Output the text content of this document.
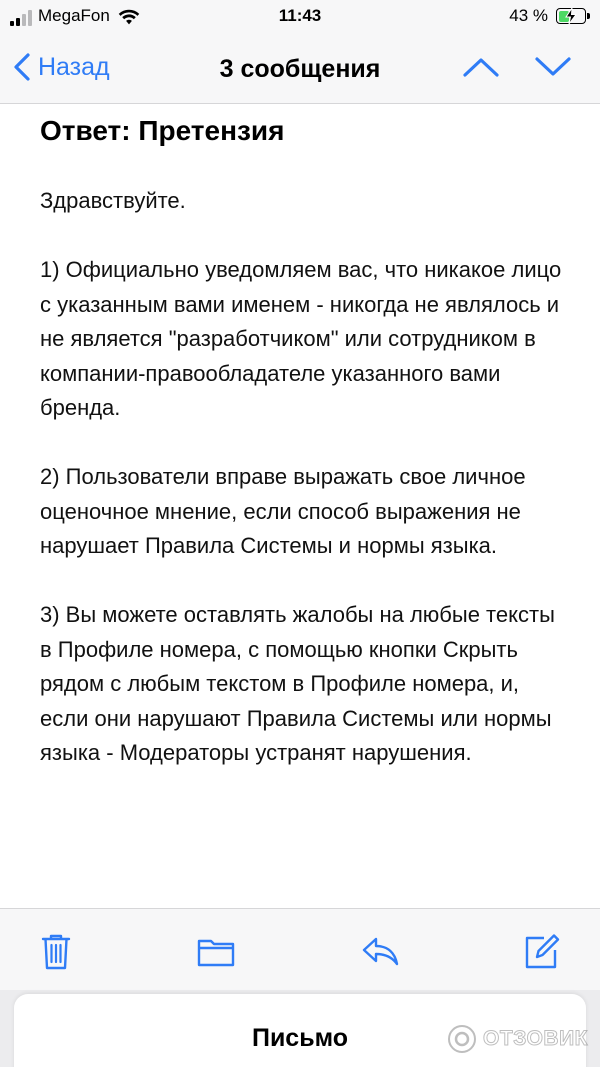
MegaFon	11:43	43 %
Назад	3 сообщения
Ответ: Претензия

Здравствуйте.

1) Официально уведомляем вас, что никакое лицо с указанным вами именем - никогда не являлось и не является "разработчиком" или сотрудником в компании-правообладателе указанного вами бренда.

2) Пользователи вправе выражать свое личное оценочное мнение, если способ выражения не нарушает Правила Системы и нормы языка.

3) Вы можете оставлять жалобы на любые тексты в Профиле номера, с помощью кнопки Скрыть рядом с любым текстом в Профиле номера, и, если они нарушают Правила Системы или нормы языка - Модераторы устранят нарушения.

Письмо	ОТЗОВИК
